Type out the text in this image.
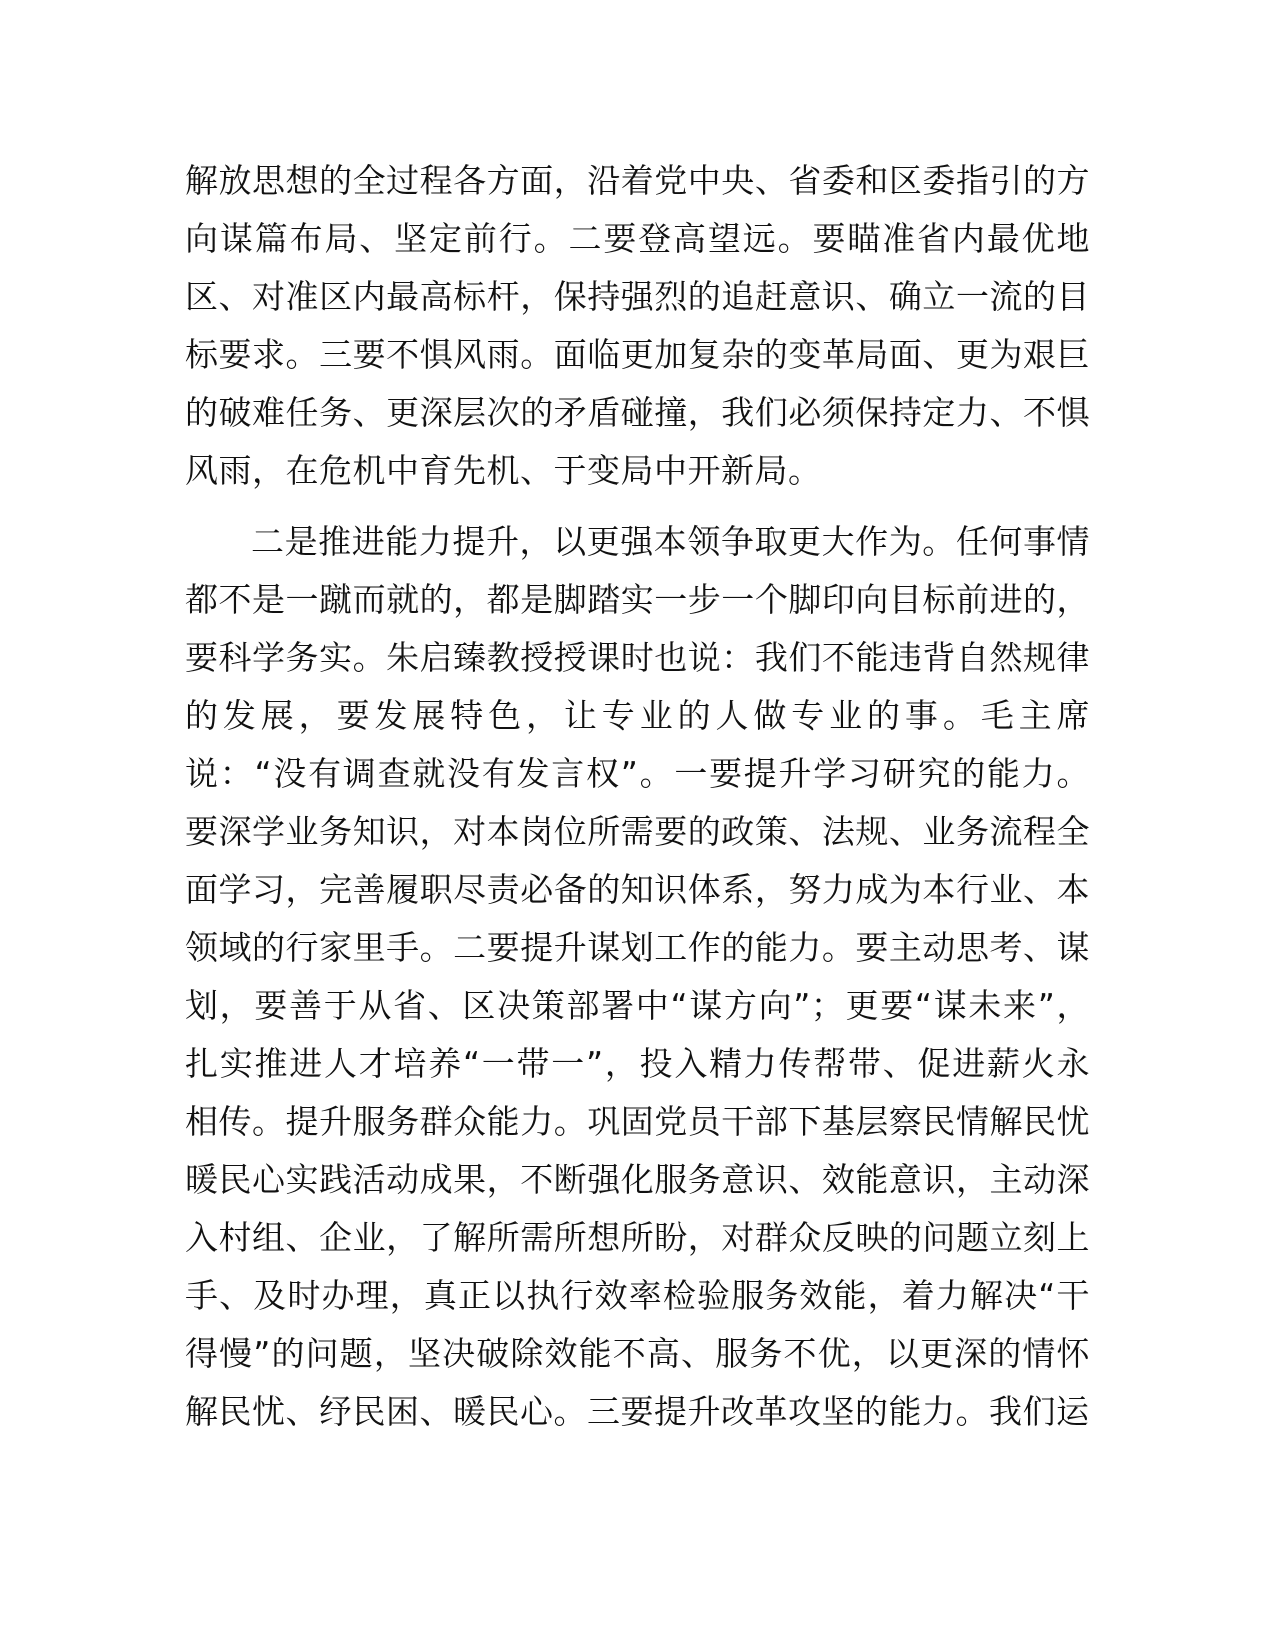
解放思想的全过程各方面，沿着党中央、省委和区委指引的方向谋篇布局、坚定前行。二要登高望远。要瞄准省内最优地区、对准区内最高标杆，保持强烈的追赶意识、确立一流的目标要求。三要不惧风雨。面临更加复杂的变革局面、更为艰巨的破难任务、更深层次的矛盾碰撞，我们必须保持定力、不惧风雨，在危机中育先机、于变局中开新局。

二是推进能力提升，以更强本领争取更大作为。任何事情都不是一蹴而就的，都是脚踏实一步一个脚印向目标前进的，要科学务实。朱启臻教授授课时也说：我们不能违背自然规律的发展，要发展特色，让专业的人做专业的事。毛主席说：“没有调查就没有发言权”。一要提升学习研究的能力。要深学业务知识，对本岗位所需要的政策、法规、业务流程全面学习，完善履职尽责必备的知识体系，努力成为本行业、本领域的行家里手。二要提升谋划工作的能力。要主动思考、谋划，要善于从省、区决策部署中“谋方向”；更要“谋未来”，扎实推进人才培养“一带一”，投入精力传帮带、促进薪火永相传。提升服务群众能力。巩固党员干部下基层察民情解民忧暖民心实践活动成果，不断强化服务意识、效能意识，主动深入村组、企业，了解所需所想所盼，对群众反映的问题立刻上手、及时办理，真正以执行效率检验服务效能，着力解决“干得慢”的问题，坚决破除效能不高、服务不优，以更深的情怀解民忧、纾民困、暖民心。三要提升改革攻坚的能力。我们运
